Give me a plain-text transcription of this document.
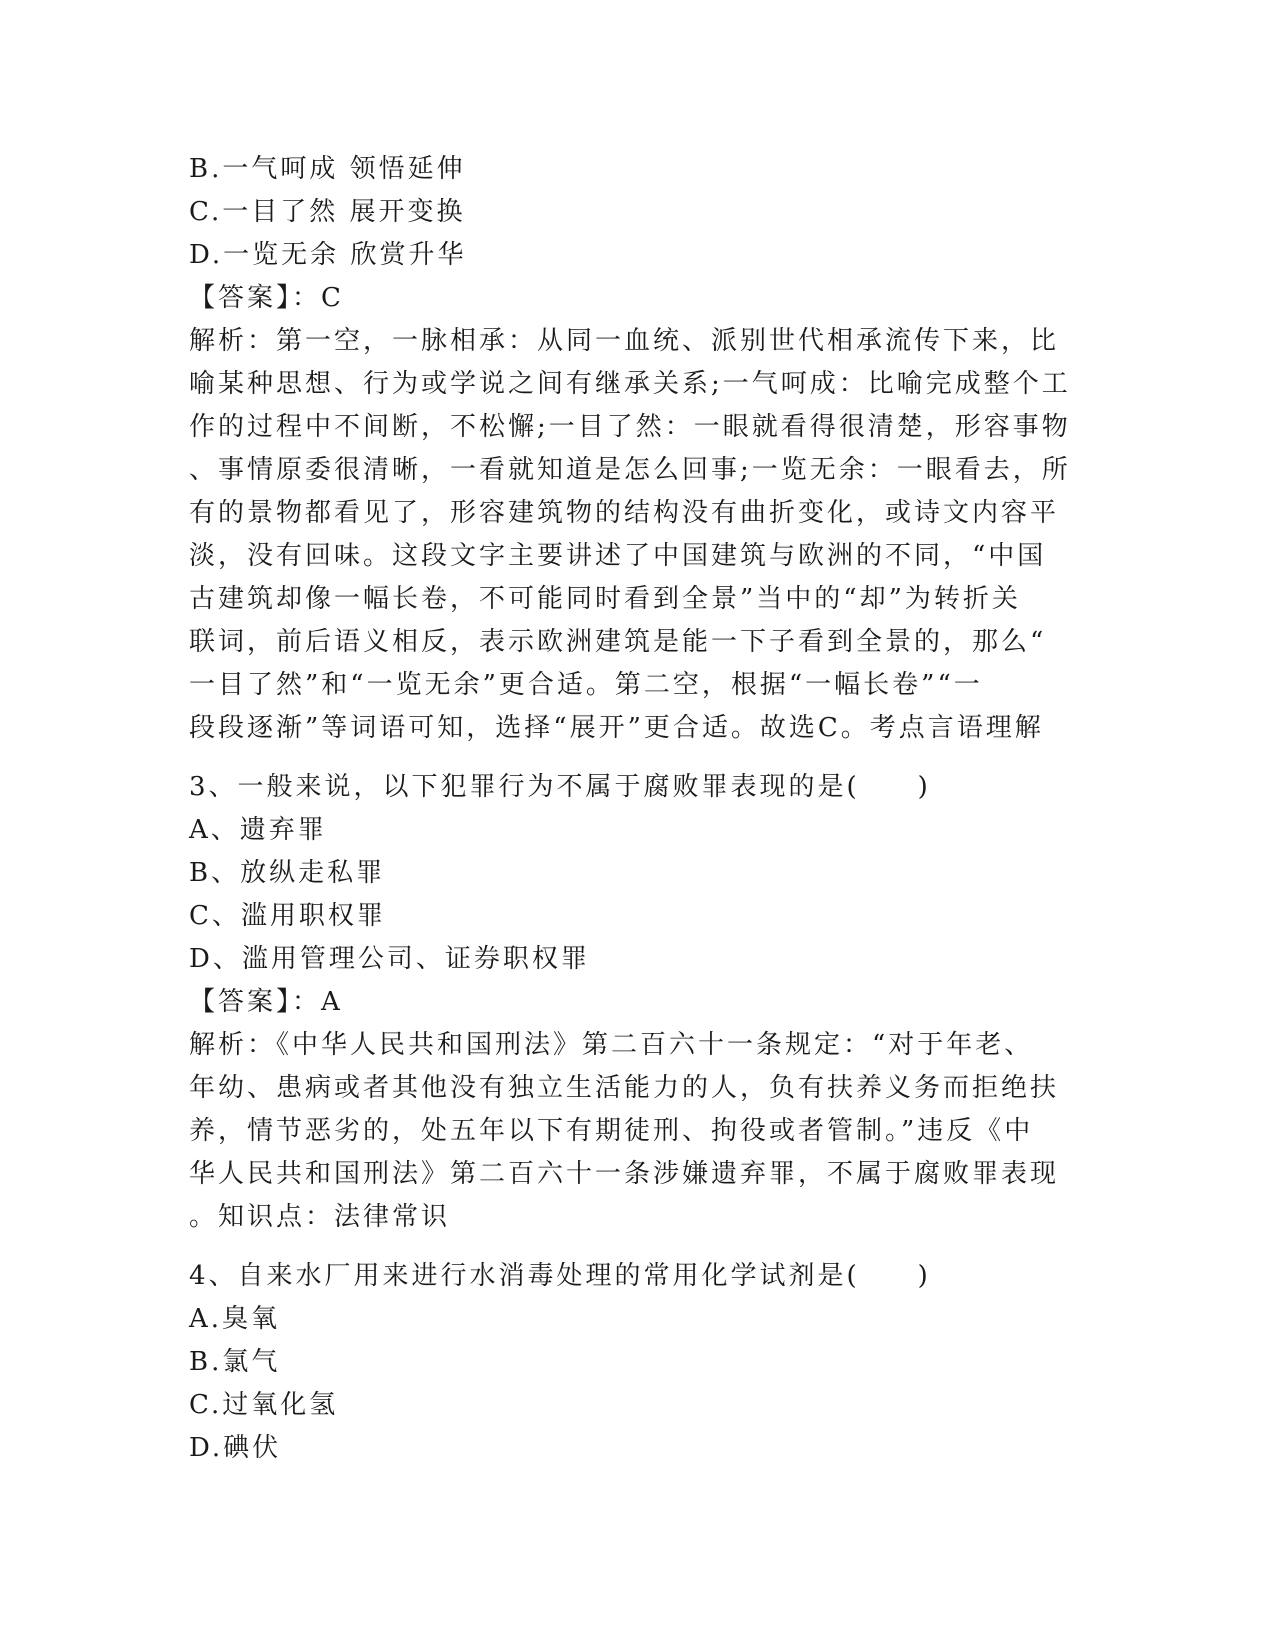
B.一气呵成 领悟延伸
C.一目了然 展开变换
D.一览无余 欣赏升华
【答案】：C
解析：第一空，一脉相承：从同一血统、派别世代相承流传下来，比
喻某种思想、行为或学说之间有继承关系;一气呵成：比喻完成整个工
作的过程中不间断，不松懈;一目了然：一眼就看得很清楚，形容事物
、事情原委很清晰，一看就知道是怎么回事;一览无余：一眼看去，所
有的景物都看见了，形容建筑物的结构没有曲折变化，或诗文内容平
淡，没有回味。这段文字主要讲述了中国建筑与欧洲的不同，“中国
古建筑却像一幅长卷，不可能同时看到全景”当中的“却”为转折关
联词，前后语义相反，表示欧洲建筑是能一下子看到全景的，那么“
一目了然”和“一览无余”更合适。第二空，根据“一幅长卷”“一
段段逐渐”等词语可知，选择“展开”更合适。故选C。考点言语理解
3、一般来说，以下犯罪行为不属于腐败罪表现的是(　　)
A、遗弃罪
B、放纵走私罪
C、滥用职权罪
D、滥用管理公司、证券职权罪
【答案】：A
解析：《中华人民共和国刑法》第二百六十一条规定：“对于年老、
年幼、患病或者其他没有独立生活能力的人，负有扶养义务而拒绝扶
养，情节恶劣的，处五年以下有期徒刑、拘役或者管制。”违反《中
华人民共和国刑法》第二百六十一条涉嫌遗弃罪，不属于腐败罪表现
。知识点：法律常识
4、自来水厂用来进行水消毒处理的常用化学试剂是(　　)
A.臭氧
B.氯气
C.过氧化氢
D.碘伏
